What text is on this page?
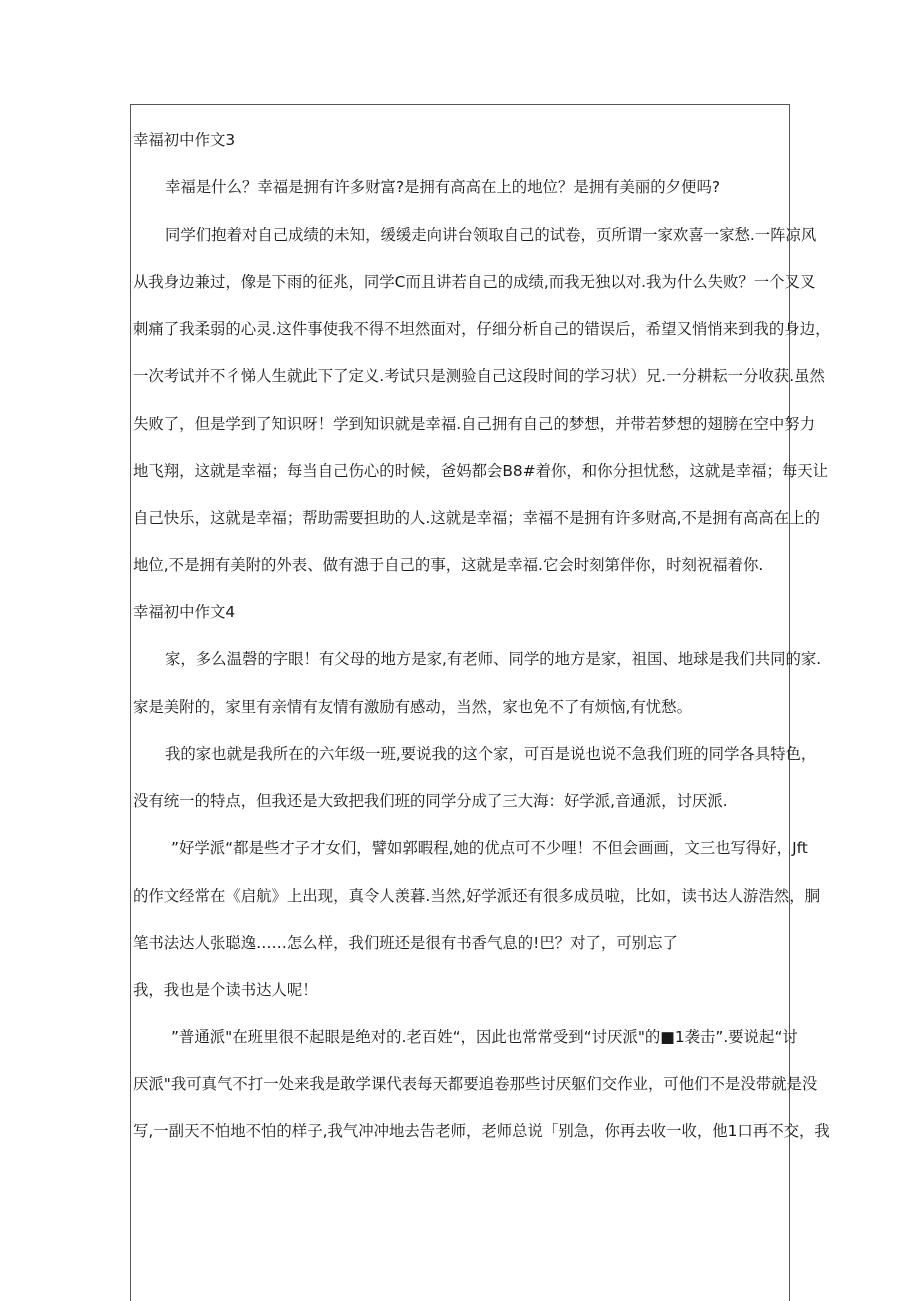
幸福初中作文3
幸福是什么？幸福是拥有许多财富?是拥有高高在上的地位？是拥有美丽的夕便吗?
同学们抱着对自己成绩的未知，缓缓走向讲台领取自己的试卷，页所谓一家欢喜一家愁.一阵凉风
从我身边兼过，像是下雨的征兆，同学C而且讲若自己的成绩,而我无独以对.我为什么失败？一个叉叉
刺痛了我柔弱的心灵.这件事使我不得不坦然面对，仔细分析自己的错误后，希望又悄悄来到我的身边，
一次考试并不彳悌人生就此下了定义.考试只是测验自己这段时间的学习状）兄.一分耕耘一分收获.虽然
失败了，但是学到了知识呀！学到知识就是幸福.自己拥有自己的梦想，并带若梦想的翅膀在空中努力
地飞翔，这就是幸福；每当自己伤心的时候，爸妈都会B8#着你，和你分担忧愁，这就是幸福；每天让
自己快乐，这就是幸福；帮助需要担助的人.这就是幸福；幸福不是拥有许多财高,不是拥有高高在上的
地位,不是拥有美附的外表、做有漶于自己的事，这就是幸福.它会时刻第伴你，时刻祝福着你.
幸福初中作文4
家，多么温磬的字眼！有父母的地方是家,有老师、同学的地方是家，祖国、地球是我们共同的家.
家是美附的，家里有亲情有友情有激励有感动，当然，家也免不了有烦恼,有忧愁。
我的家也就是我所在的六年级一班,要说我的这个家，可百是说也说不急我们班的同学各具特色，
没有统一的特点，但我还是大致把我们班的同学分成了三大海：好学派,音通派，讨厌派.
”好学派“都是些才子才女们，譬如郭暇程,她的优点可不少哩！不但会画画，文三也写得好，Jft
的作文经常在《启航》上出现，真令人羡暮.当然,好学派还有很多成员啦，比如，读书达人游浩然，胴
笔书法达人张聪逸……怎么样，我们班还是很有书香气息的!巴？对了，可别忘了
我，我也是个读书达人呢！
”普通派"在班里很不起眼是绝对的.老百姓“，因此也常常受到“讨厌派"的■1袭击”.要说起“讨
厌派"我可真气不打一处来我是敢学课代表每天都要追卷那些讨厌躯们交作业，可他们不是没带就是没
写,一副天不怕地不怕的样子,我气冲冲地去告老师，老师总说「别急，你再去收一收，他1口再不交，我
